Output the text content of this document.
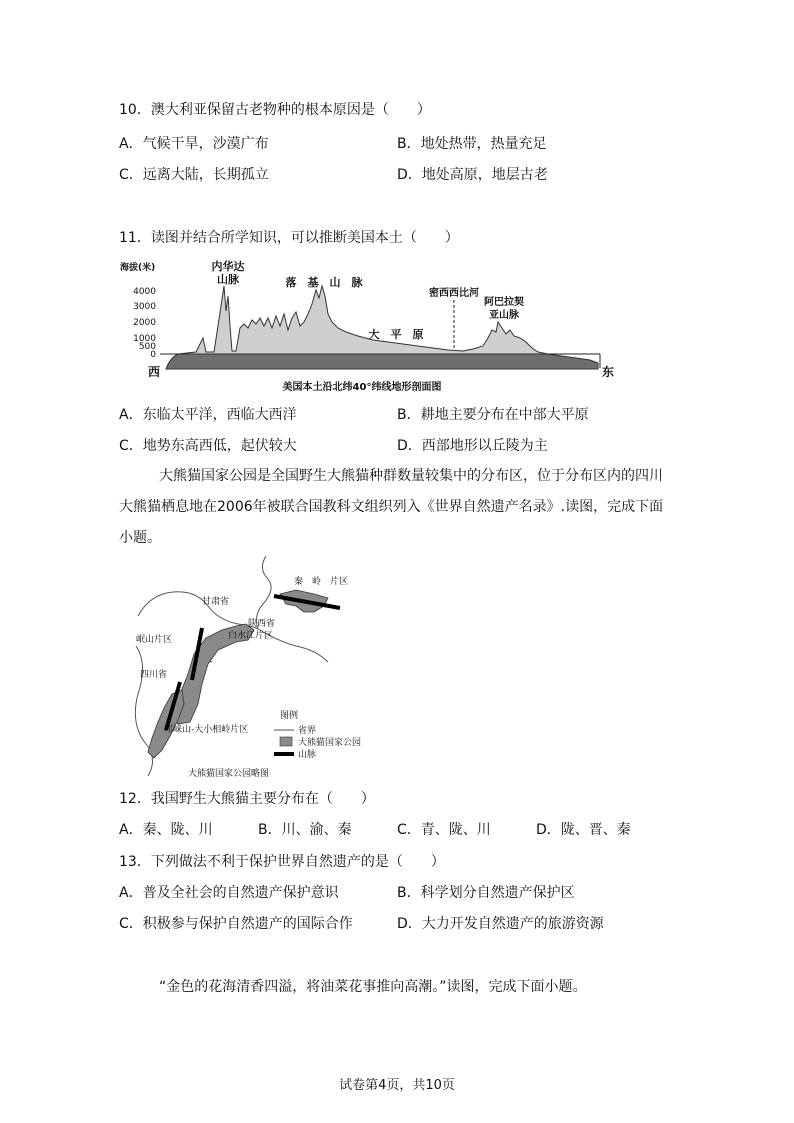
10．澳大利亚保留古老物种的根本原因是（　　）
A．气候干旱，沙漠广布	B．地处热带，热量充足
C．远离大陆，长期孤立	D．地处高原，地层古老
11．读图并结合所学知识，可以推断美国本土（　　）
海拔(米)
4000
3000
2000
1000
500
0
内华达
山脉	落　基　山　脉
大　平　原
密西西比河
阿巴拉契
亚山脉
西	东
美国本土沿北纬40°纬线地形剖面图
A．东临太平洋，西临大西洋	B．耕地主要分布在中部大平原
C．地势东高西低，起伏较大	D．西部地形以丘陵为主
大熊猫国家公园是全国野生大熊猫种群数量较集中的分布区，位于分布区内的四川
大熊猫栖息地在2006年被联合国教科文组织列入《世界自然遗产名录》.读图，完成下面
小题。
秦　岭　片区
甘肃省
陕西省
白水江片区
岷山片区
四川省
邛崃山-大小相岭片区
图例
省界
大熊猫国家公园
山脉
大熊猫国家公园略图
12．我国野生大熊猫主要分布在（　　）
A．秦、陇、川	B．川、渝、秦	C．青、陇、川	D．陇、晋、秦
13．下列做法不利于保护世界自然遗产的是（　　）
A．普及全社会的自然遗产保护意识	B．科学划分自然遗产保护区
C．积极参与保护自然遗产的国际合作	D．大力开发自然遗产的旅游资源
“金色的花海清香四溢，将油菜花事推向高潮。”读图，完成下面小题。
试卷第4页，共10页
